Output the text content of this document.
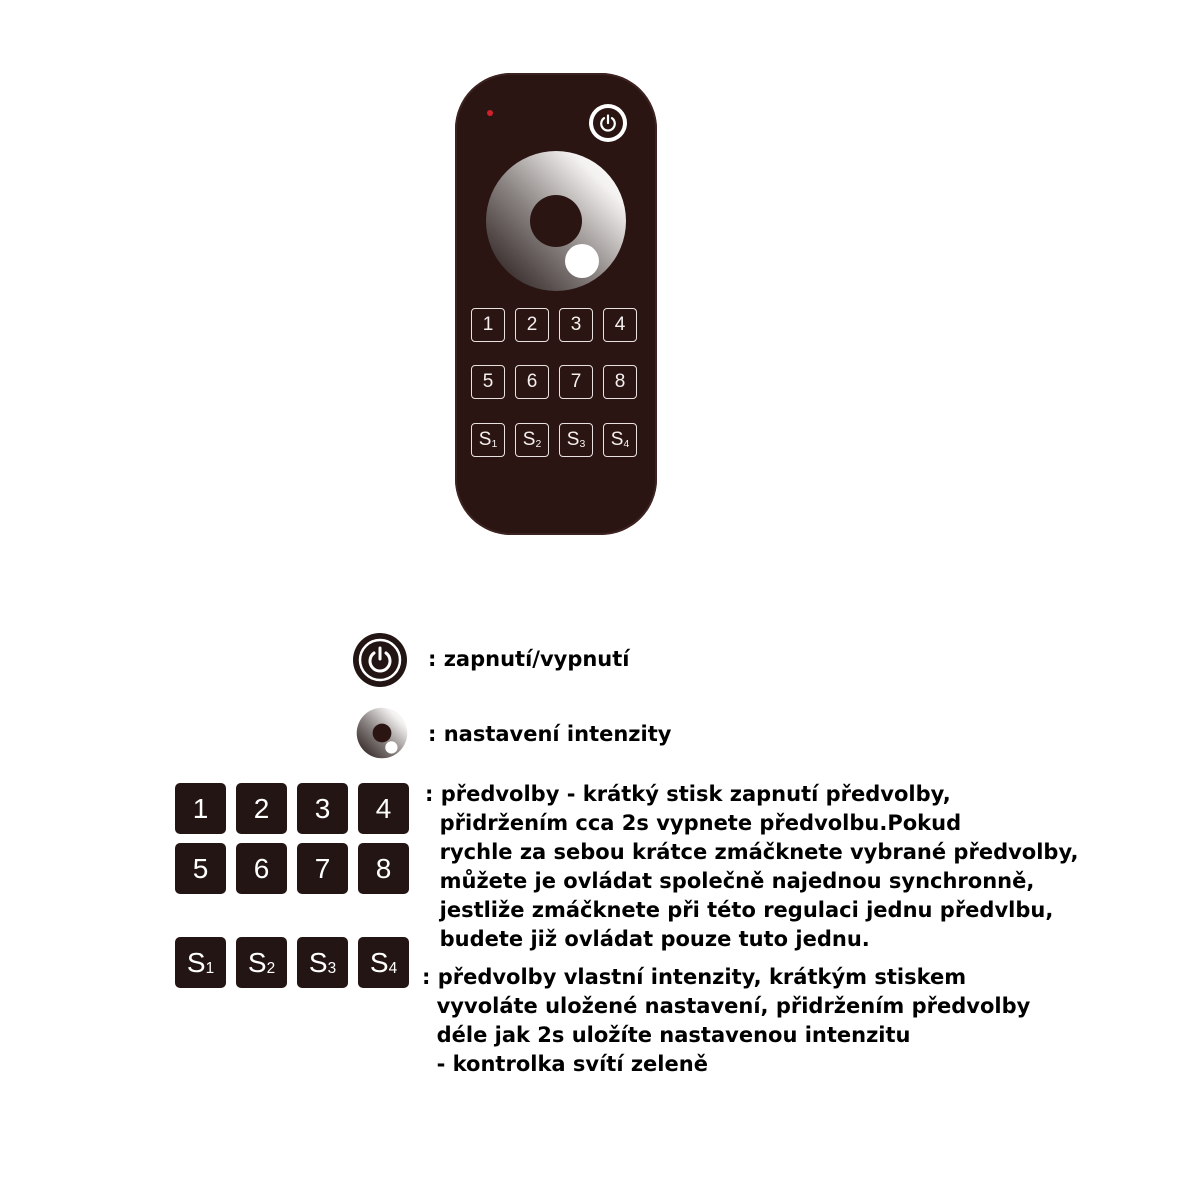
1	2	3	4
5	6	7	8
S 1 S 2 S 3 S 4

: zapnutí/vypnutí

: nastavení intenzity

1	2	3	4
5	6	7	8

: předvolby - krátký stisk zapnutí předvolby,
přidržením cca 2s vypnete předvolbu.Pokud
rychle za sebou krátce zmáčknete vybrané předvolby,
můžete je ovládat společně najednou synchronně,
jestliže zmáčknete při této regulaci jednu předvlbu,
budete již ovládat pouze tuto jednu.

S 1 S 2 S 3 S 4 : předvolby vlastní intenzity, krátkým stiskem
vyvoláte uložené nastavení, přidržením předvolby
déle jak 2s uložíte nastavenou intenzitu
- kontrolka svítí zeleně
